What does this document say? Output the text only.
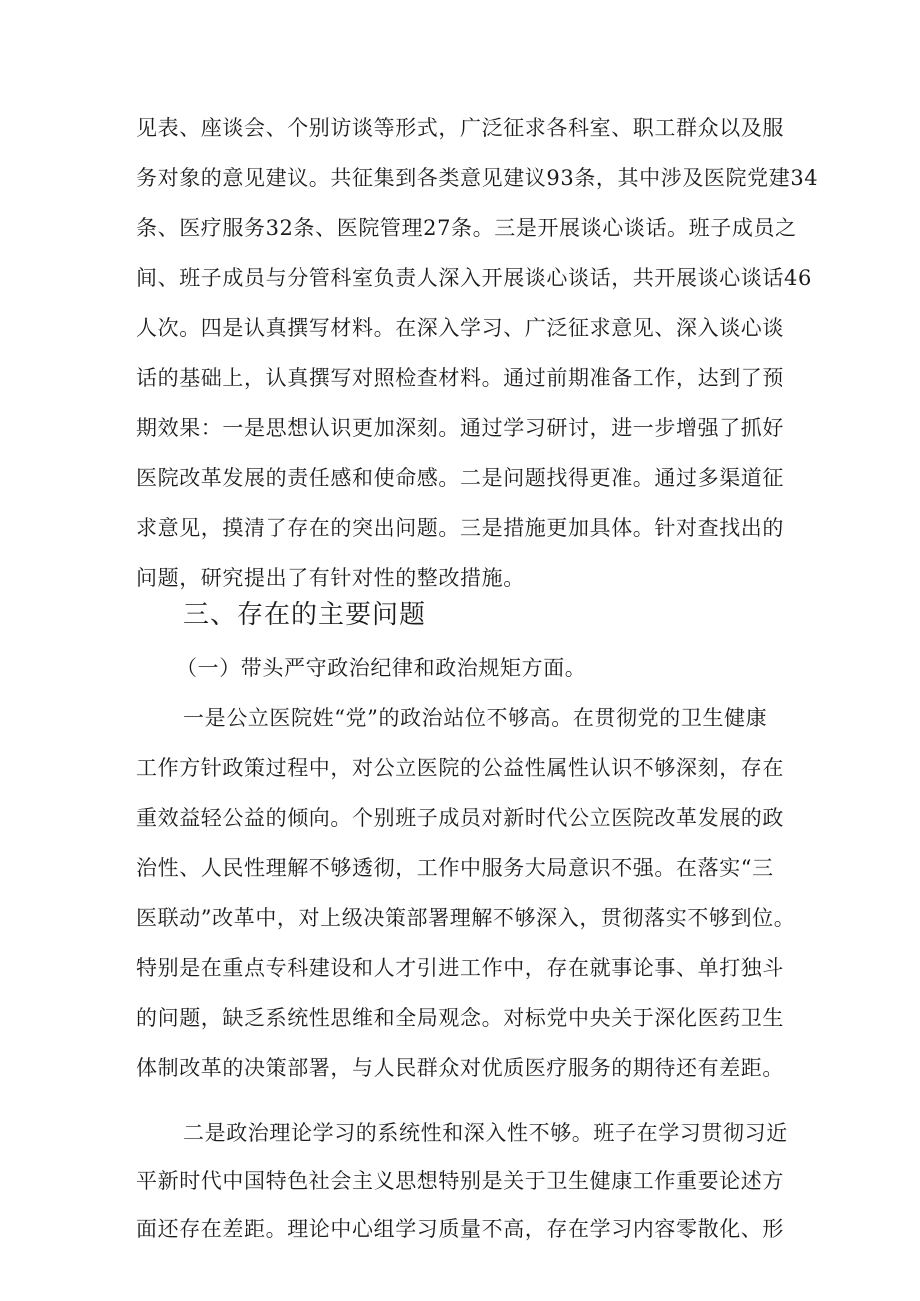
见表、座谈会、个别访谈等形式，广泛征求各科室、职工群众以及服
务对象的意见建议。共征集到各类意见建议93条，其中涉及医院党建34
条、医疗服务32条、医院管理27条。三是开展谈心谈话。班子成员之
间、班子成员与分管科室负责人深入开展谈心谈话，共开展谈心谈话46
人次。四是认真撰写材料。在深入学习、广泛征求意见、深入谈心谈
话的基础上，认真撰写对照检查材料。通过前期准备工作，达到了预
期效果：一是思想认识更加深刻。通过学习研讨，进一步增强了抓好
医院改革发展的责任感和使命感。二是问题找得更准。通过多渠道征
求意见，摸清了存在的突出问题。三是措施更加具体。针对查找出的
问题，研究提出了有针对性的整改措施。
三、存在的主要问题
（一）带头严守政治纪律和政治规矩方面。
一是公立医院姓“党”的政治站位不够高。在贯彻党的卫生健康
工作方针政策过程中，对公立医院的公益性属性认识不够深刻，存在
重效益轻公益的倾向。个别班子成员对新时代公立医院改革发展的政
治性、人民性理解不够透彻，工作中服务大局意识不强。在落实“三
医联动”改革中，对上级决策部署理解不够深入，贯彻落实不够到位。
特别是在重点专科建设和人才引进工作中，存在就事论事、单打独斗
的问题，缺乏系统性思维和全局观念。对标党中央关于深化医药卫生
体制改革的决策部署，与人民群众对优质医疗服务的期待还有差距。
二是政治理论学习的系统性和深入性不够。班子在学习贯彻习近
平新时代中国特色社会主义思想特别是关于卫生健康工作重要论述方
面还存在差距。理论中心组学习质量不高，存在学习内容零散化、形
